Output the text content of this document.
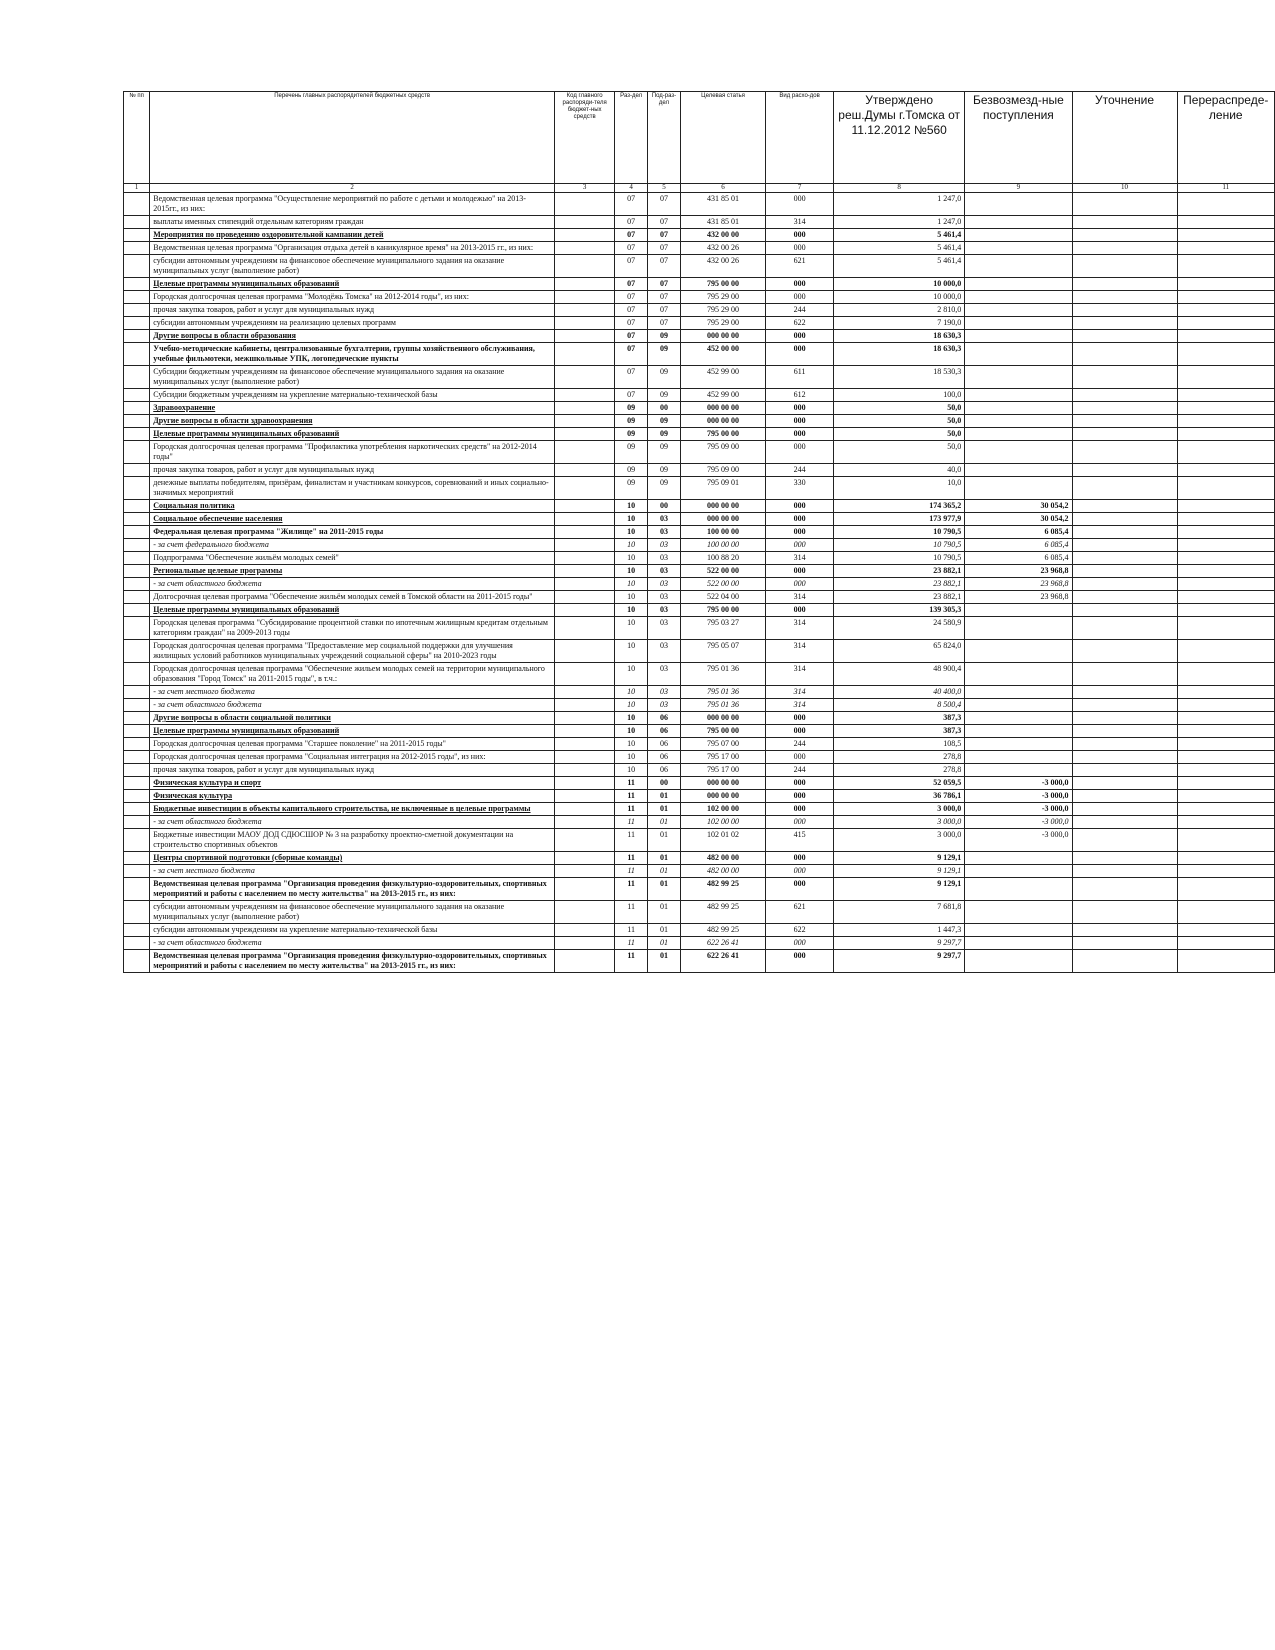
№ пп	Перечень главных распорядителей бюджетных средств	Код главного распоряди-теля бюджет-ных средств	Раз-дел	Под-раз-дел	Целевая статья	Вид расхо-дов	Утверждено реш.Думы г.Томска от 11.12.2012 №560	Безвозмезд-ные поступления	Уточнение	Перераспреде-ление
1	2	3	4	5	6	7	8	9	10	11
	Ведомственная целевая программа "Осуществление мероприятий по работе с детьми и молодежью" на 2013-2015гг., из них:		07	07	431 85 01	000	1 247,0			
	выплаты именных стипендий отдельным категориям граждан		07	07	431 85 01	314	1 247,0			
	Мероприятия по проведению оздоровительной кампании детей		07	07	432 00 00	000	5 461,4			
	Ведомственная целевая программа "Организация отдыха детей в каникулярное время" на 2013-2015 гг., из них:		07	07	432 00 26	000	5 461,4			
	субсидии автономным учреждениям на финансовое обеспечение муниципального задания на оказание муниципальных услуг (выполнение работ)		07	07	432 00 26	621	5 461,4			
	Целевые программы муниципальных образований		07	07	795 00 00	000	10 000,0			
	Городская долгосрочная целевая программа "Молодёжь Томска" на 2012-2014 годы", из них:		07	07	795 29 00	000	10 000,0			
	прочая закупка товаров, работ и услуг для муниципальных нужд		07	07	795 29 00	244	2 810,0			
	субсидии автономным учреждениям на реализацию целевых программ		07	07	795 29 00	622	7 190,0			
	Другие вопросы в области образования		07	09	000 00 00	000	18 630,3			
	Учебно-методические кабинеты, централизованные бухгалтерии, группы хозяйственного обслуживания, учебные фильмотеки, межшкольные УПК, логопедические пункты		07	09	452 00 00	000	18 630,3			
	Субсидии бюджетным учреждениям на финансовое обеспечение муниципального задания на оказание муниципальных услуг (выполнение работ)		07	09	452 99 00	611	18 530,3			
	Субсидии бюджетным учреждениям на укрепление материально-технической базы		07	09	452 99 00	612	100,0			
	Здравоохранение		09	00	000 00 00	000	50,0			
	Другие вопросы в области здравоохранения		09	09	000 00 00	000	50,0			
	Целевые программы муниципальных образований		09	09	795 00 00	000	50,0			
	Городская долгосрочная целевая программа "Профилактика употребления наркотических средств" на 2012-2014 годы"		09	09	795 09 00	000	50,0			
	прочая закупка товаров, работ и услуг для муниципальных нужд		09	09	795 09 00	244	40,0			
	денежные выплаты победителям, призёрам, финалистам и участникам конкурсов, соревнований и иных социально-значимых мероприятий		09	09	795 09 01	330	10,0			
	Социальная политика		10	00	000 00 00	000	174 365,2	30 054,2		
	Социальное обеспечение населения		10	03	000 00 00	000	173 977,9	30 054,2		
	Федеральная целевая программа "Жилище" на 2011-2015 годы		10	03	100 00 00	000	10 790,5	6 085,4		
	- за счет федерального бюджета		10	03	100 00 00	000	10 790,5	6 085,4		
	Подпрограмма "Обеспечение жильём молодых семей"		10	03	100 88 20	314	10 790,5	6 085,4		
	Региональные целевые программы		10	03	522 00 00	000	23 882,1	23 968,8		
	- за счет областного бюджета		10	03	522 00 00	000	23 882,1	23 968,8		
	Долгосрочная целевая программа "Обеспечение жильём молодых семей в Томской области на 2011-2015 годы"		10	03	522 04 00	314	23 882,1	23 968,8		
	Целевые программы муниципальных образований		10	03	795 00 00	000	139 305,3			
	Городская целевая программа "Субсидирование процентной ставки по ипотечным жилищным кредитам отдельным категориям граждан" на 2009-2013 годы		10	03	795 03 27	314	24 580,9			
	Городская долгосрочная целевая программа "Предоставление мер социальной поддержки для улучшения жилищных условий работников муниципальных учреждений социальной сферы" на 2010-2023 годы		10	03	795 05 07	314	65 824,0			
	Городская долгосрочная целевая программа "Обеспечение жильем молодых семей на территории муниципального образования "Город Томск" на 2011-2015 годы", в т.ч.:		10	03	795 01 36	314	48 900,4			
	- за счет местного бюджета		10	03	795 01 36	314	40 400,0			
	- за счет областного бюджета		10	03	795 01 36	314	8 500,4			
	Другие вопросы в области социальной политики		10	06	000 00 00	000	387,3			
	Целевые программы муниципальных образований		10	06	795 00 00	000	387,3			
	Городская долгосрочная целевая программа "Старшее поколение" на 2011-2015 годы"		10	06	795 07 00	244	108,5			
	Городская долгосрочная целевая программа "Социальная интеграция на 2012-2015 годы", из них:		10	06	795 17 00	000	278,8			
	прочая закупка товаров, работ и услуг для муниципальных нужд		10	06	795 17 00	244	278,8			
	Физическая культура и спорт		11	00	000 00 00	000	52 059,5	-3 000,0		
	Физическая культура		11	01	000 00 00	000	36 786,1	-3 000,0		
	Бюджетные инвестиции в объекты капитального строительства, не включенные в целевые программы		11	01	102 00 00	000	3 000,0	-3 000,0		
	- за счет областного бюджета		11	01	102 00 00	000	3 000,0	-3 000,0		
	Бюджетные инвестиции МАОУ ДОД СДЮСШОР № 3 на разработку проектно-сметной документации на строительство спортивных объектов		11	01	102 01 02	415	3 000,0	-3 000,0		
	Центры спортивной подготовки (сборные команды)		11	01	482 00 00	000	9 129,1			
	- за счет местного бюджета		11	01	482 00 00	000	9 129,1			
	Ведомственная целевая программа "Организация проведения физкультурно-оздоровительных, спортивных мероприятий и работы с населением по месту жительства" на 2013-2015 гг., из них:		11	01	482 99 25	000	9 129,1			
	субсидии автономным учреждениям на финансовое обеспечение муниципального задания на оказание муниципальных услуг (выполнение работ)		11	01	482 99 25	621	7 681,8			
	субсидии автономным учреждениям на укрепление материально-технической базы		11	01	482 99 25	622	1 447,3			
	- за счет областного бюджета		11	01	622 26 41	000	9 297,7			
	Ведомственная целевая программа "Организация проведения физкультурно-оздоровительных, спортивных мероприятий и работы с населением по месту жительства" на 2013-2015 гг., из них:		11	01	622 26 41	000	9 297,7			
